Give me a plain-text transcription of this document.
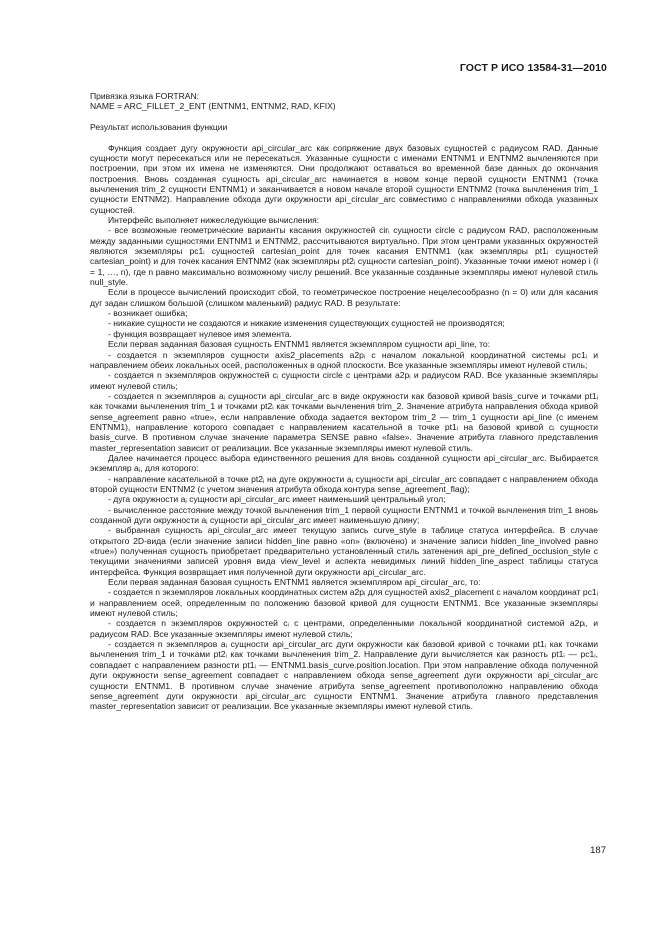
ГОСТ Р ИСО 13584-31—2010

Привязка языка FORTRAN:

NAME = ARC_FILLET_2_ENT (ENTNM1, ENTNM2, RAD, KFIX)

Результат использования функции

Функция создает дугу окружности api_circular_arc как сопряжение двух базовых сущностей с радиусом RAD. Данные сущности могут пересекаться или не пересекаться. Указанные сущности с именами ENTNM1 и ENTNM2 вычленяются при построении, при этом их имена не изменяются. Они продолжают оставаться во временной базе данных до окончания построения. Вновь созданная сущность api_circular_arc начинается в новом конце первой сущности ENTNM1 (точка вычленения trim_2 сущности ENTNM1) и заканчивается в новом начале второй сущности ENTNM2 (точка вычленения trim_1 сущности ENTNM2). Направление обхода дуги окружности api_circular_arc совместимо с направлениями обхода указанных сущностей.

Интерфейс выполняет нижеследующие вычисления:

- все возможные геометрические варианты касания окружностей cirᵢ сущности circle с радиусом RAD, расположенным между заданными сущностями ENTNM1 и ENTNM2, рассчитываются виртуально. При этом центрами указанных окружностей являются экземпляры pc1ᵢ сущностей cartesian_point для точек касания ENTNM1 (как экземпляры pt1ᵢ сущностей cartesian_point) и для точек касания ENTNM2 (как экземпляры pt2ᵢ сущности cartesian_point). Указанные точки имеют номер i (i = 1, …, n), где n равно максимально возможному числу решений. Все указанные созданные экземпляры имеют нулевой стиль null_style.

Если в процессе вычислений происходит сбой, то геометрическое построение нецелесообразно (n = 0) или для касания дуг задан слишком большой (слишком маленький) радиус RAD. В результате:

- возникает ошибка;

- никакие сущности не создаются и никакие изменения существующих сущностей не производятся;

- функция возвращает нулевое имя элемента.

Если первая заданная базовая сущность ENTNM1 является экземпляром сущности api_line, то:

- создается n экземпляров сущности axis2_placements a2pᵢ с началом локальной координатной системы pc1ᵢ и направлением обеих локальных осей, расположенных в одной плоскости. Все указанные экземпляры имеют нулевой стиль;

- создается n экземпляров окружностей cᵢ сущности circle с центрами a2pᵢ и радиусом RAD. Все указанные экземпляры имеют нулевой стиль;

- создается n экземпляров aᵢ сущности api_circular_arc в виде окружности как базовой кривой basis_curve и точками pt1ᵢ как точками вычленения trim_1 и точками pt2ᵢ как точками вычленения trim_2. Значение атрибута направления обхода кривой sense_agreement равно «true», если направление обхода задается вектором trim_2 — trim_1 сущности api_line (с именем ENTNM1), направление которого совпадает с направлением касательной в точке pt1ᵢ на базовой кривой cᵢ сущности basis_curve. В противном случае значение параметра SENSE равно «false». Значение атрибута главного представления master_representation зависит от реализации. Все указанные экземпляры имеют нулевой стиль.

Далее начинается процесс выбора единственного решения для вновь созданной сущности api_circular_arc. Выбирается экземпляр aⱼ, для которого:

- направление касательной в точке pt2ⱼ на дуге окружности aⱼ сущности api_circular_arc совпадает с направлением обхода второй сущности ENTNM2 (с учетом значения атрибута обхода контура sense_agreement_flag);

- дуга окружности aⱼ сущности api_circular_arc имеет наименьший центральный угол;

- вычисленное расстояние между точкой вычленения trim_1 первой сущности ENTNM1 и точкой вычленения trim_1 вновь созданной дуги окружности aⱼ сущности api_circular_arc имеет наименьшую длину;

- выбранная сущность api_circular_arc имеет текущую запись curve_style в таблице статуса интерфейса. В случае открытого 2D-вида (если значение записи hidden_line равно «on» (включено) и значение записи hidden_line_involved равно «true») полученная сущность приобретает предварительно установленный стиль затенения api_pre_defined_occlusion_style с текущими значениями записей уровня вида view_level и аспекта невидимых линий hidden_line_aspect таблицы статуса интерфейса. Функция возвращает имя полученной дуги окружности api_circular_arc.

Если первая заданная базовая сущность ENTNM1 является экземпляром api_circular_arc, то:

- создается n экземпляров локальных координатных систем a2pᵢ для сущностей axis2_placement с началом координат pc1ᵢ и направлением осей, определенным по положению базовой кривой для сущности ENTNM1. Все указанные экземпляры имеют нулевой стиль;

- создается n экземпляров окружностей cᵢ с центрами, определенными локальной координатной системой a2pᵢ, и радиусом RAD. Все указанные экземпляры имеют нулевой стиль;

- создается n экземпляров aᵢ сущности api_circular_arc дуги окружности как базовой кривой с точками pt1ᵢ как точками вычленения trim_1 и точками pt2ᵢ как точками вычленения trim_2. Направление дуги вычисляется как разность pt1ᵢ — pc1ᵢ, совпадает с направлением разности pt1ᵢ — ENTNM1.basis_curve.position.location. При этом направление обхода полученной дуги окружности sense_agreement совпадает с направлением обхода sense_agreement дуги окружности api_circular_arc сущности ENTNM1. В противном случае значение атрибута sense_agreement противоположно направлению обхода sense_agreement дуги окружности api_circular_arc сущности ENTNM1. Значение атрибута главного представления master_representation зависит от реализации. Все указанные экземпляры имеют нулевой стиль.

187
